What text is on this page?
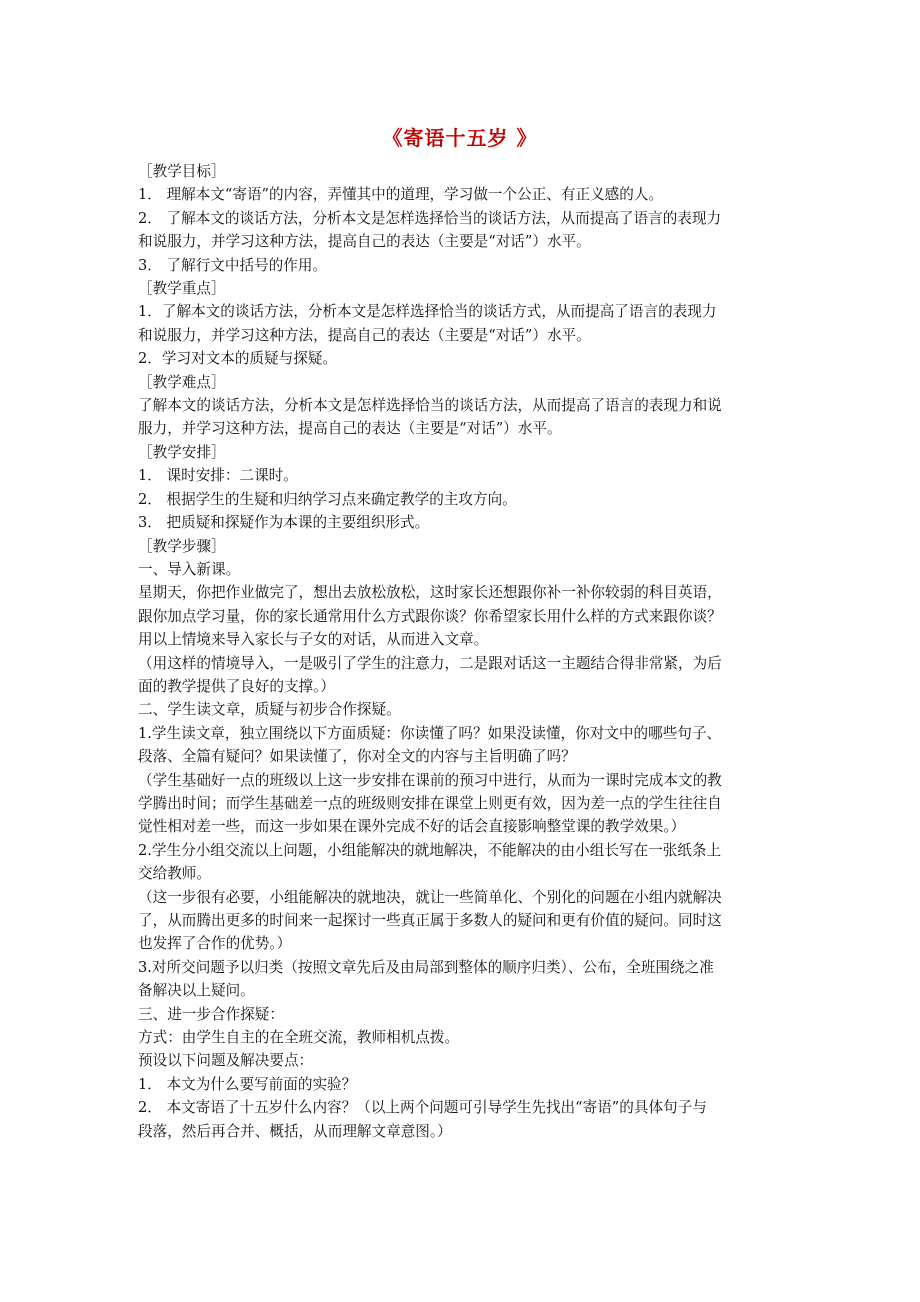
《寄语十五岁 》

［教学目标］

1． 理解本文“寄语”的内容，弄懂其中的道理，学习做一个公正、有正义感的人。

2． 了解本文的谈话方法，分析本文是怎样选择恰当的谈话方法，从而提高了语言的表现力

和说服力，并学习这种方法，提高自己的表达（主要是“对话”）水平。

3． 了解行文中括号的作用。

［教学重点］

1．了解本文的谈话方法，分析本文是怎样选择恰当的谈话方式，从而提高了语言的表现力

和说服力，并学习这种方法，提高自己的表达（主要是“对话”）水平。

2．学习对文本的质疑与探疑。

［教学难点］

了解本文的谈话方法，分析本文是怎样选择恰当的谈话方法，从而提高了语言的表现力和说

服力，并学习这种方法，提高自己的表达（主要是“对话”）水平。

［教学安排］

1． 课时安排：二课时。

2． 根据学生的生疑和归纳学习点来确定教学的主攻方向。

3． 把质疑和探疑作为本课的主要组织形式。

［教学步骤］

一、导入新课。

星期天，你把作业做完了，想出去放松放松，这时家长还想跟你补一补你较弱的科目英语，

跟你加点学习量，你的家长通常用什么方式跟你谈？你希望家长用什么样的方式来跟你谈？

用以上情境来导入家长与子女的对话，从而进入文章。

（用这样的情境导入，一是吸引了学生的注意力，二是跟对话这一主题结合得非常紧，为后

面的教学提供了良好的支撑。）

二、学生读文章，质疑与初步合作探疑。

1.学生读文章，独立围绕以下方面质疑：你读懂了吗？如果没读懂，你对文中的哪些句子、

段落、全篇有疑问？如果读懂了，你对全文的内容与主旨明确了吗？

（学生基础好一点的班级以上这一步安排在课前的预习中进行，从而为一课时完成本文的教

学腾出时间；而学生基础差一点的班级则安排在课堂上则更有效，因为差一点的学生往往自

觉性相对差一些，而这一步如果在课外完成不好的话会直接影响整堂课的教学效果。）

2.学生分小组交流以上问题，小组能解决的就地解决，不能解决的由小组长写在一张纸条上

交给教师。

（这一步很有必要，小组能解决的就地决，就让一些简单化、个别化的问题在小组内就解决

了，从而腾出更多的时间来一起探讨一些真正属于多数人的疑问和更有价值的疑问。同时这

也发挥了合作的优势。）

3.对所交问题予以归类（按照文章先后及由局部到整体的顺序归类）、公布，全班围绕之准

备解决以上疑问。

三、进一步合作探疑：

方式：由学生自主的在全班交流，教师相机点拨。

预设以下问题及解决要点：

1． 本文为什么要写前面的实验？

2． 本文寄语了十五岁什么内容？（以上两个问题可引导学生先找出“寄语”的具体句子与

段落，然后再合并、概括，从而理解文章意图。）
